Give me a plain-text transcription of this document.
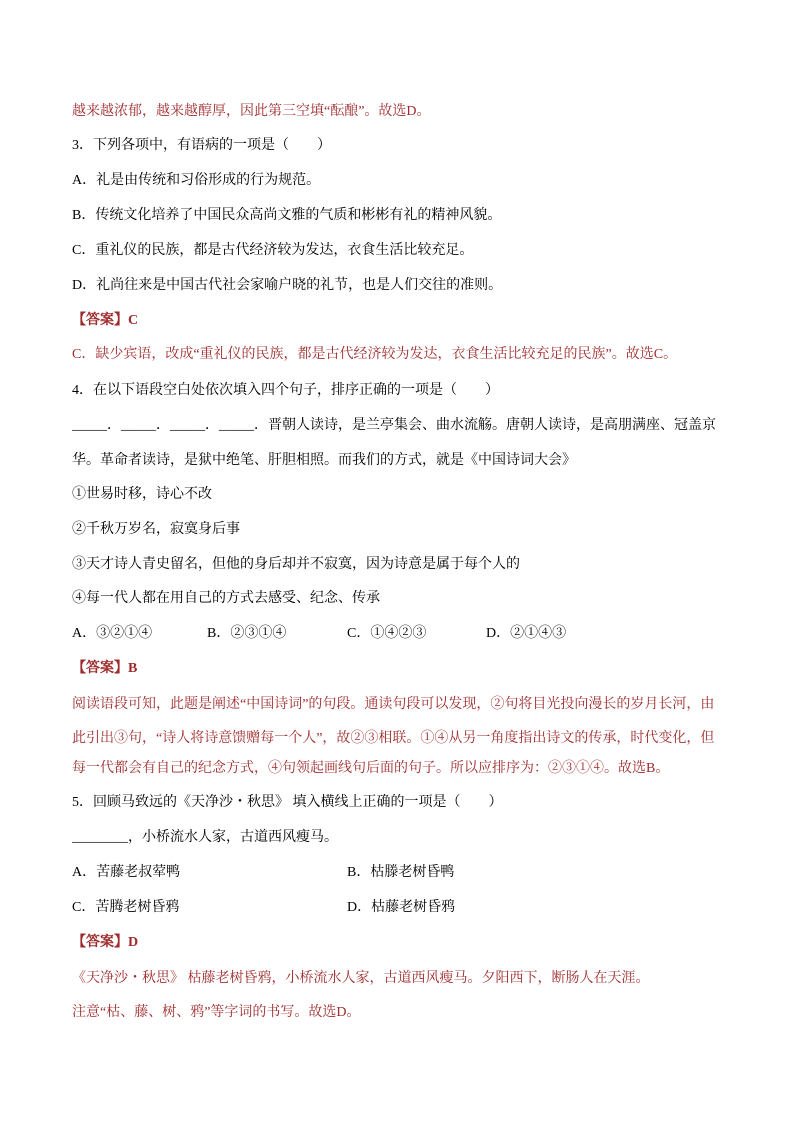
越来越浓郁，越来越醇厚，因此第三空填“酝酿”。故选D。
3．下列各项中，有语病的一项是（　　）
A．礼是由传统和习俗形成的行为规范。
B．传统文化培养了中国民众高尚文雅的气质和彬彬有礼的精神风貌。
C．重礼仪的民族，都是古代经济较为发达，衣食生活比较充足。
D．礼尚往来是中国古代社会家喻户晓的礼节，也是人们交往的准则。
【答案】C
C．缺少宾语，改成“重礼仪的民族，都是古代经济较为发达，衣食生活比较充足的民族”。故选C。
4．在以下语段空白处依次填入四个句子，排序正确的一项是（　　）
_____．_____．_____．_____．晋朝人读诗，是兰亭集会、曲水流觞。唐朝人读诗，是高朋满座、冠盖京
华。革命者读诗，是狱中绝笔、肝胆相照。而我们的方式，就是《中国诗词大会》
①世易时移，诗心不改
②千秋万岁名，寂寞身后事
③天才诗人青史留名，但他的身后却并不寂寞，因为诗意是属于每个人的
④每一代人都在用自己的方式去感受、纪念、传承
A．③②①④	B．②③①④	C．①④②③	D．②①④③
【答案】B
阅读语段可知，此题是阐述“中国诗词”的句段。通读句段可以发现，②句将目光投向漫长的岁月长河，由
此引出③句，“诗人将诗意馈赠每一个人”，故②③相联。①④从另一角度指出诗文的传承，时代变化，但
每一代都会有自己的纪念方式，④句领起画线句后面的句子。所以应排序为：②③①④。故选B。
5．回顾马致远的《天净沙・秋思》 填入横线上正确的一项是（　　）
________，小桥流水人家，古道西风瘦马。
A．苦藤老叔荤鸭	B．枯滕老树昏鸭
C．苦腾老树昏鸦	D．枯藤老树昏鸦
【答案】D
《天净沙・秋思》 枯藤老树昏鸦，小桥流水人家，古道西风瘦马。夕阳西下，断肠人在天涯。
注意“枯、藤、树、鸦”等字词的书写。故选D。
